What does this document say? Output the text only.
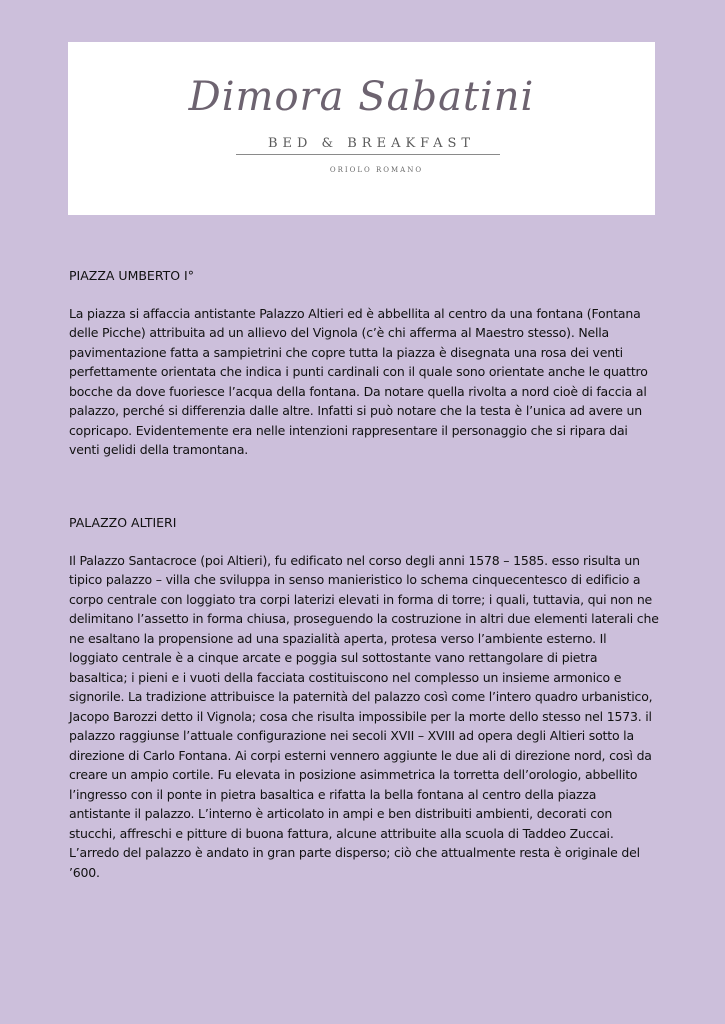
Dimora Sabatini
BED & BREAKFAST
ORIOLO ROMANO
PIAZZA UMBERTO I°

La piazza si affaccia antistante Palazzo Altieri ed è abbellita al centro da una fontana (Fontana delle Picche) attribuita ad un allievo del Vignola (c’è chi afferma al Maestro stesso). Nella pavimentazione fatta a sampietrini che copre tutta la piazza è disegnata una rosa dei venti perfettamente orientata che indica i punti cardinali con il quale sono orientate anche le quattro bocche da dove fuoriesce l’acqua della fontana. Da notare quella rivolta a nord cioè di faccia al palazzo, perché si differenzia dalle altre. Infatti si può notare che la testa è l’unica ad avere un copricapo. Evidentemente era nelle intenzioni rappresentare il personaggio che si ripara dai venti gelidi della tramontana.

PALAZZO ALTIERI

Il Palazzo Santacroce (poi Altieri), fu edificato nel corso degli anni 1578 – 1585. esso risulta un tipico palazzo – villa che sviluppa in senso manieristico lo schema cinquecentesco di edificio a corpo centrale con loggiato tra corpi laterizi elevati in forma di torre; i quali, tuttavia, qui non ne delimitano l’assetto in forma chiusa, proseguendo la costruzione in altri due elementi laterali che ne esaltano la propensione ad una spazialità aperta, protesa verso l’ambiente esterno. Il loggiato centrale è a cinque arcate e poggia sul sottostante vano rettangolare di pietra basaltica; i pieni e i vuoti della facciata costituiscono nel complesso un insieme armonico e signorile. La tradizione attribuisce la paternità del palazzo così come l’intero quadro urbanistico, Jacopo Barozzi detto il Vignola; cosa che risulta impossibile per la morte dello stesso nel 1573. il palazzo raggiunse l’attuale configurazione nei secoli XVII – XVIII ad opera degli Altieri sotto la direzione di Carlo Fontana. Ai corpi esterni vennero aggiunte le due ali di direzione nord, così da creare un ampio cortile. Fu elevata in posizione asimmetrica la torretta dell’orologio, abbellito l’ingresso con il ponte in pietra basaltica e rifatta la bella fontana al centro della piazza antistante il palazzo. L’interno è articolato in ampi e ben distribuiti ambienti, decorati con stucchi, affreschi e pitture di buona fattura, alcune attribuite alla scuola di Taddeo Zuccai. L’arredo del palazzo è andato in gran parte disperso; ciò che attualmente resta è originale del ’600.
